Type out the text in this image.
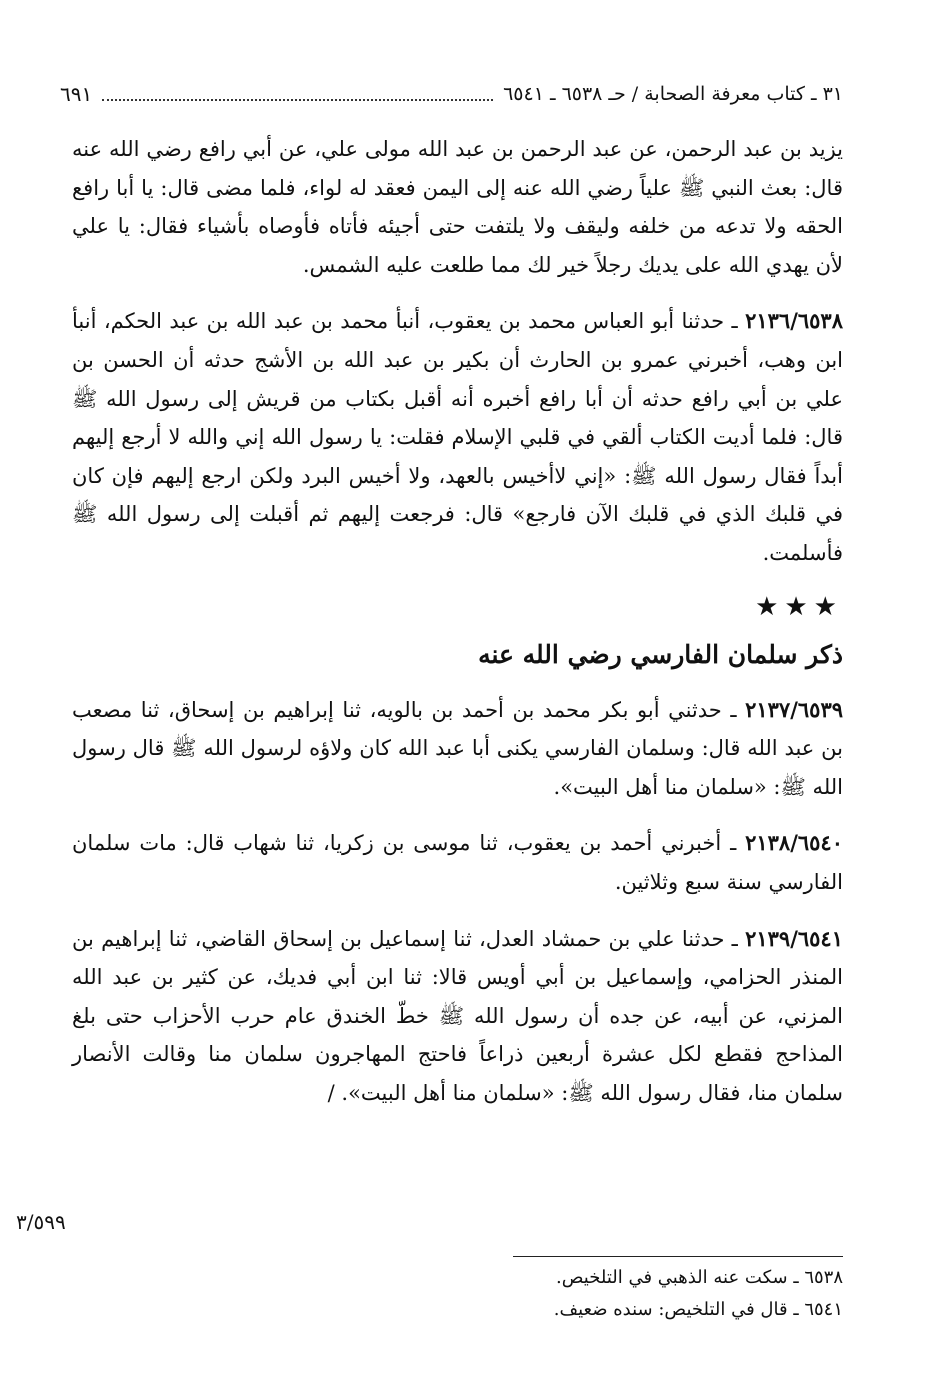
٣١ ـ كتاب معرفة الصحابة / حـ ٦٥٣٨ ـ ٦٥٤١
٦٩١

يزيد بن عبد الرحمن، عن عبد الرحمن بن عبد الله مولى علي، عن أبي رافع رضي الله عنه قال: بعث النبي ﷺ علياً رضي الله عنه إلى اليمن فعقد له لواء، فلما مضى قال: يا أبا رافع الحقه ولا تدعه من خلفه وليقف ولا يلتفت حتى أجيئه فأتاه فأوصاه بأشياء فقال: يا علي لأن يهدي الله على يديك رجلاً خير لك مما طلعت عليه الشمس.

٢١٣٦/٦٥٣٨ ـ حدثنا أبو العباس محمد بن يعقوب، أنبأ محمد بن عبد الله بن عبد الحكم، أنبأ ابن وهب، أخبرني عمرو بن الحارث أن بكير بن عبد الله بن الأشج حدثه أن الحسن بن علي بن أبي رافع حدثه أن أبا رافع أخبره أنه أقبل بكتاب من قريش إلى رسول الله ﷺ قال: فلما أديت الكتاب ألقي في قلبي الإسلام فقلت: يا رسول الله إني والله لا أرجع إليهم أبداً فقال رسول الله ﷺ: «إني لاأخيس بالعهد، ولا أخيس البرد ولكن ارجع إليهم فإن كان في قلبك الذي في قلبك الآن فارجع» قال: فرجعت إليهم ثم أقبلت إلى رسول الله ﷺ فأسلمت.

★★★
ذكر سلمان الفارسي رضي الله عنه

٢١٣٧/٦٥٣٩ ـ حدثني أبو بكر محمد بن أحمد بن بالويه، ثنا إبراهيم بن إسحاق، ثنا مصعب بن عبد الله قال: وسلمان الفارسي يكنى أبا عبد الله كان ولاؤه لرسول الله ﷺ قال رسول الله ﷺ: «سلمان منا أهل البيت».

٢١٣٨/٦٥٤٠ ـ أخبرني أحمد بن يعقوب، ثنا موسى بن زكريا، ثنا شهاب قال: مات سلمان الفارسي سنة سبع وثلاثين.

٢١٣٩/٦٥٤١ ـ حدثنا علي بن حمشاد العدل، ثنا إسماعيل بن إسحاق القاضي، ثنا إبراهيم بن المنذر الحزامي، وإسماعيل بن أبي أويس قالا: ثنا ابن أبي فديك، عن كثير بن عبد الله المزني، عن أبيه، عن جده أن رسول الله ﷺ خطّ الخندق عام حرب الأحزاب حتى بلغ المذاحج فقطع لكل عشرة أربعين ذراعاً فاحتج المهاجرون سلمان منا وقالت الأنصار سلمان منا، فقال رسول الله ﷺ: «سلمان منا أهل البيت». /

٣/٥٩٩

٦٥٣٨ ـ سكت عنه الذهبي في التلخيص.

٦٥٤١ ـ قال في التلخيص: سنده ضعيف.
